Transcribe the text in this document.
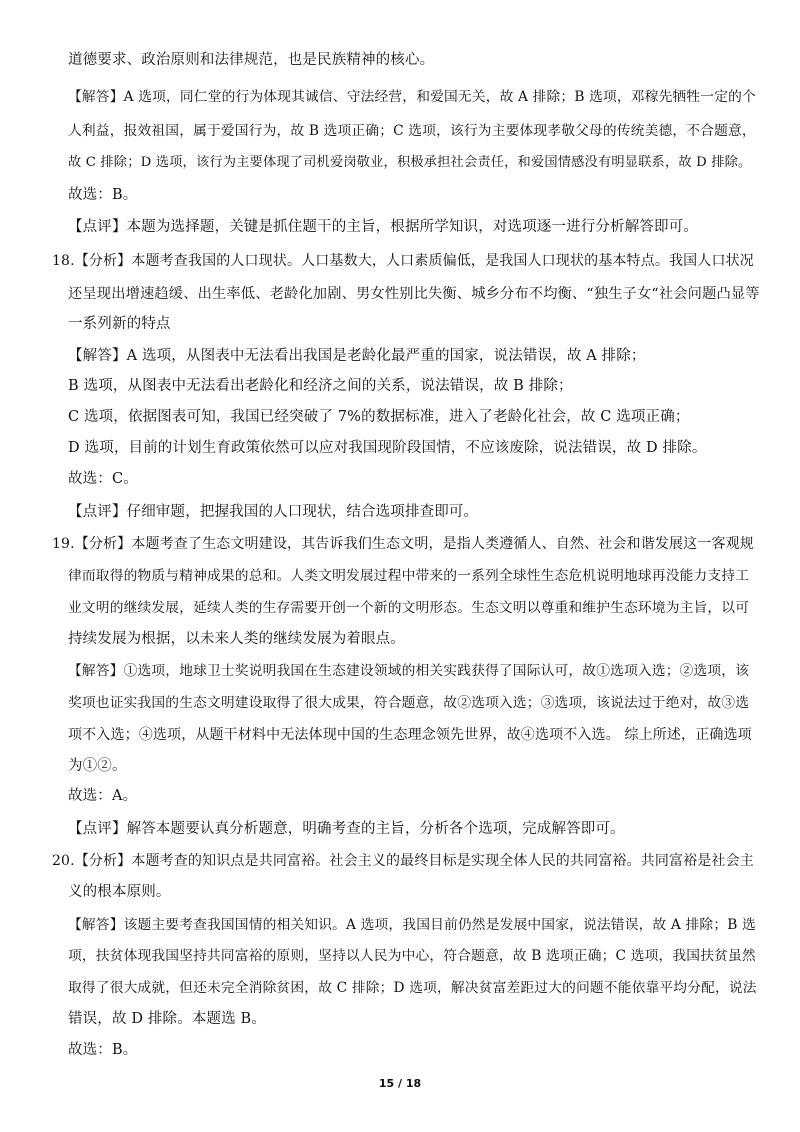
道德要求、政治原则和法律规范，也是民族精神的核心。
【解答】A 选项，同仁堂的行为体现其诚信、守法经营，和爱国无关，故 A 排除；B 选项，邓稼先牺牲一定的个
人利益，报效祖国，属于爱国行为，故 B 选项正确；C 选项，该行为主要体现孝敬父母的传统美德，不合题意，
故 C 排除；D 选项，该行为主要体现了司机爱岗敬业，积极承担社会责任，和爱国情感没有明显联系，故 D 排除。
故选：B。
【点评】本题为选择题，关键是抓住题干的主旨，根据所学知识，对选项逐一进行分析解答即可。
18.【分析】本题考查我国的人口现状。人口基数大，人口素质偏低，是我国人口现状的基本特点。我国人口状况
还呈现出增速趋缓、出生率低、老龄化加剧、男女性别比失衡、城乡分布不均衡、“独生子女“社会问题凸显等
一系列新的特点
【解答】A 选项，从图表中无法看出我国是老龄化最严重的国家，说法错误，故 A 排除；
B 选项，从图表中无法看出老龄化和经济之间的关系，说法错误，故 B 排除；
C 选项，依据图表可知，我国已经突破了 7%的数据标准，进入了老龄化社会，故 C 选项正确；
D 选项，目前的计划生育政策依然可以应对我国现阶段国情，不应该废除，说法错误，故 D 排除。
故选：C。
【点评】仔细审题，把握我国的人口现状，结合选项排查即可。
19.【分析】本题考查了生态文明建设，其告诉我们生态文明，是指人类遵循人、自然、社会和谐发展这一客观规
律而取得的物质与精神成果的总和。人类文明发展过程中带来的一系列全球性生态危机说明地球再没能力支持工
业文明的继续发展，延续人类的生存需要开创一个新的文明形态。生态文明以尊重和维护生态环境为主旨，以可
持续发展为根据，以未来人类的继续发展为着眼点。
【解答】①选项，地球卫士奖说明我国在生态建设领域的相关实践获得了国际认可，故①选项入选；②选项，该
奖项也证实我国的生态文明建设取得了很大成果，符合题意，故②选项入选；③选项，该说法过于绝对，故③选
项不入选；④选项，从题干材料中无法体现中国的生态理念领先世界，故④选项不入选。 综上所述，正确选项
为①②。
故选：A。
【点评】解答本题要认真分析题意，明确考查的主旨，分析各个选项，完成解答即可。
20.【分析】本题考查的知识点是共同富裕。社会主义的最终目标是实现全体人民的共同富裕。共同富裕是社会主
义的根本原则。
【解答】该题主要考查我国国情的相关知识。A 选项，我国目前仍然是发展中国家，说法错误，故 A 排除；B 选
项，扶贫体现我国坚持共同富裕的原则，坚持以人民为中心，符合题意，故 B 选项正确；C 选项，我国扶贫虽然
取得了很大成就，但还未完全消除贫困，故 C 排除；D 选项，解决贫富差距过大的问题不能依靠平均分配，说法
错误，故 D 排除。本题选 B。
故选：B。
15 / 18
